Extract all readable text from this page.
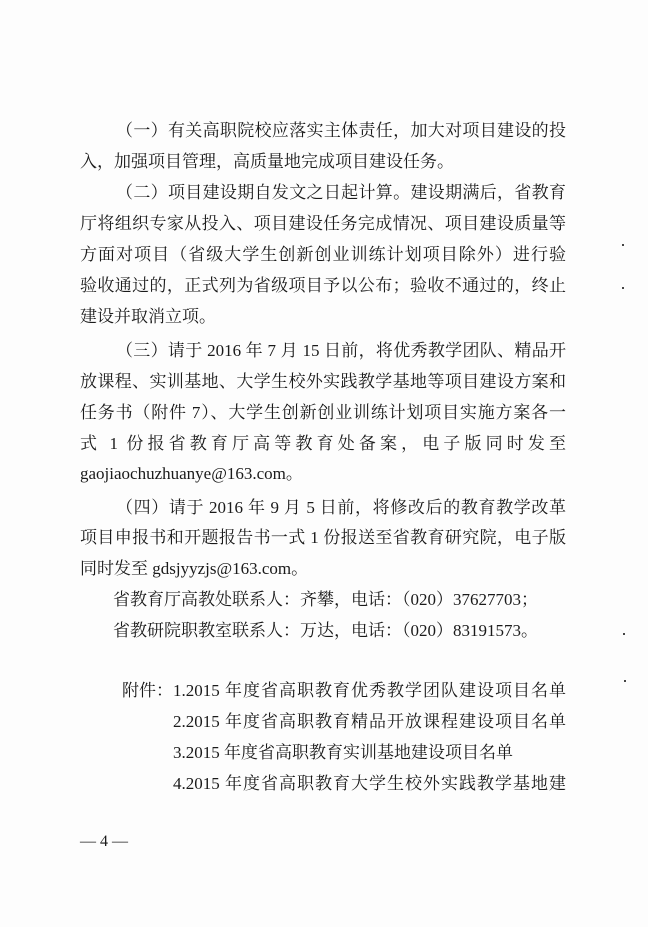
（一）有关高职院校应落实主体责任，加大对项目建设的投
入，加强项目管理，高质量地完成项目建设任务。
（二）项目建设期自发文之日起计算。建设期满后，省教育
厅将组织专家从投入、项目建设任务完成情况、项目建设质量等
方面对项目（省级大学生创新创业训练计划项目除外）进行验
验收通过的，正式列为省级项目予以公布；验收不通过的，终止
建设并取消立项。
（三）请于 2016 年 7 月 15 日前，将优秀教学团队、精品开
放课程、实训基地、大学生校外实践教学基地等项目建设方案和
任务书（附件 7）、大学生创新创业训练计划项目实施方案各一
式 1 份报省教育厅高等教育处备案，电子版同时发至
gaojiaochuzhuanye@163.com。
（四）请于 2016 年 9 月 5 日前，将修改后的教育教学改革
项目申报书和开题报告书一式 1 份报送至省教育研究院，电子版
同时发至 gdsjyyzjs@163.com。
省教育厅高教处联系人：齐攀，电话：（020）37627703；
省教研院职教室联系人：万达，电话：（020）83191573。
附件： 1.2015 年度省高职教育优秀教学团队建设项目名单
2.2015 年度省高职教育精品开放课程建设项目名单
3.2015 年度省高职教育实训基地建设项目名单
4.2015 年度省高职教育大学生校外实践教学基地建
— 4 —
